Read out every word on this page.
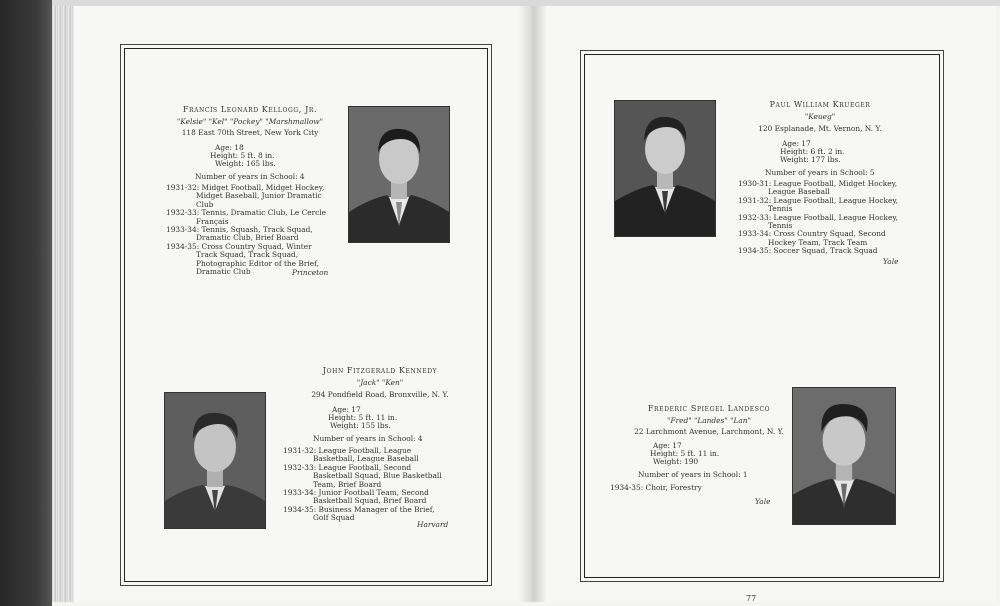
Francis Leonard Kellogg, Jr.
"Kelsie" "Kel" "Pockey" "Marshmallow"
118 East 70th Street, New York City
Age: 18
Height: 5 ft. 8 in.
Weight: 165 lbs.
Number of years in School: 4
1931-32: Midget Football, Midget Hockey, Midget Baseball, Junior Dramatic Club
1932-33: Tennis, Dramatic Club, Le Cercle Français
1933-34: Tennis, Squash, Track Squad, Dramatic Club, Brief Board
1934-35: Cross Country Squad, Winter Track Squad, Track Squad, Photographic Editor of the Brief, Dramatic Club	Princeton
John Fitzgerald Kennedy
"Jack" "Ken"
294 Pondfield Road, Bronxville, N. Y.
Age: 17
Height: 5 ft. 11 in.
Weight: 155 lbs.
Number of years in School: 4
1931-32: League Football, League Basketball, League Baseball
1932-33: League Football, Second Basketball Squad, Blue Basketball Team, Brief Board
1933-34: Junior Football Team, Second Basketball Squad, Brief Board
1934-35: Business Manager of the Brief, Golf Squad
Harvard
Paul William Krueger
"Keueg"
120 Esplanade, Mt. Vernon, N. Y.
Age: 17
Height: 6 ft. 2 in.
Weight: 177 lbs.
Number of years in School: 5
1930-31: League Football, Midget Hockey, League Baseball
1931-32: League Football, League Hockey, Tennis
1932-33: League Football, League Hockey, Tennis
1933-34: Cross Country Squad, Second Hockey Team, Track Team
1934-35: Soccer Squad, Track Squad
Yale
Frederic Spiegel Landesco
"Fred" "Landes" "Lan"
22 Larchmont Avenue, Larchmont, N. Y.
Age: 17
Height: 5 ft. 11 in.
Weight: 190
Number of years in School: 1
1934-35: Choir, Forestry
Yale
77
